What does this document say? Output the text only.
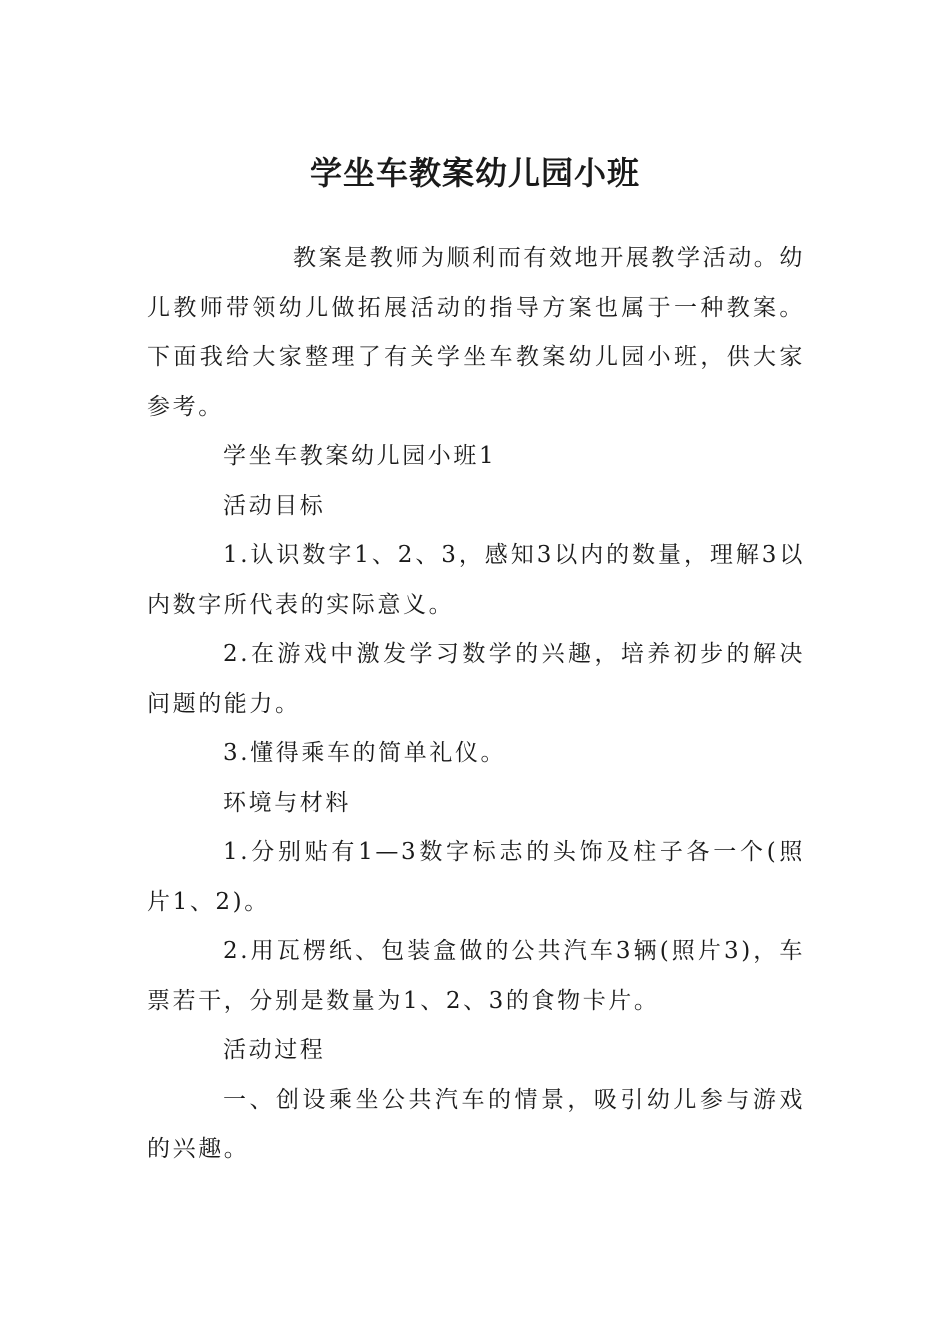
学坐车教案幼儿园小班

教案是教师为顺利而有效地开展教学活动。幼儿教师带领幼儿做拓展活动的指导方案也属于一种教案。下面我给大家整理了有关学坐车教案幼儿园小班，供大家参考。

学坐车教案幼儿园小班1

活动目标

1.认识数字1、2、3，感知3以内的数量，理解3以内数字所代表的实际意义。

2.在游戏中激发学习数学的兴趣，培养初步的解决问题的能力。

3.懂得乘车的简单礼仪。

环境与材料

1.分别贴有1—3数字标志的头饰及柱子各一个(照片1、2)。

2.用瓦楞纸、包装盒做的公共汽车3辆(照片3)，车票若干，分别是数量为1、2、3的食物卡片。

活动过程

一、创设乘坐公共汽车的情景，吸引幼儿参与游戏的兴趣。
